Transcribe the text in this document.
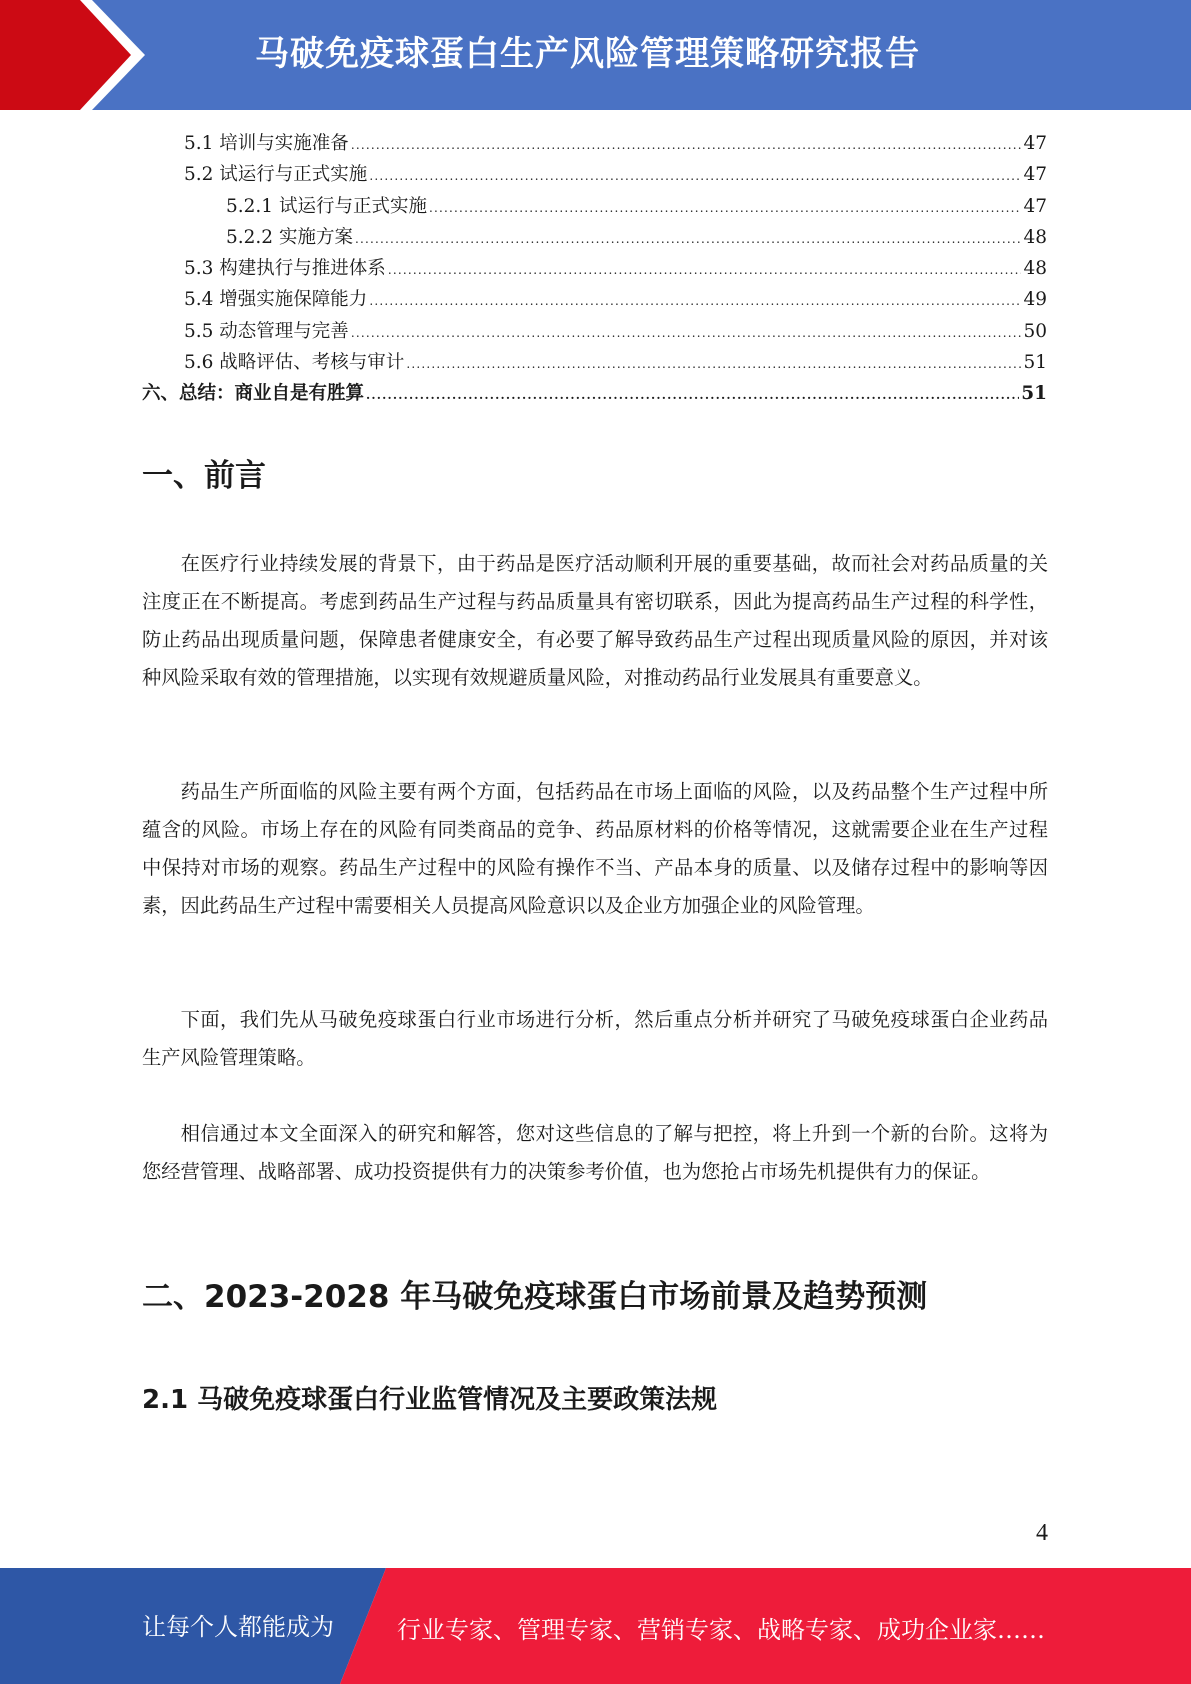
马破免疫球蛋白生产风险管理策略研究报告
5.1 培训与实施准备 .....	47
5.2 试运行与正式实施 .....	47
5.2.1 试运行与正式实施 .....	47
5.2.2 实施方案 .....	48
5.3 构建执行与推进体系 .....	48
5.4 增强实施保障能力 .....	49
5.5 动态管理与完善 .....	50
5.6 战略评估、考核与审计 .....	51
六、总结：商业自是有胜算 .....	51
一、前言

在医疗行业持续发展的背景下，由于药品是医疗活动顺利开展的重要基础，故而社会对药品质量的关注度正在不断提高。考虑到药品生产过程与药品质量具有密切联系，因此为提高药品生产过程的科学性，防止药品出现质量问题，保障患者健康安全，有必要了解导致药品生产过程出现质量风险的原因，并对该种风险采取有效的管理措施，以实现有效规避质量风险，对推动药品行业发展具有重要意义。

药品生产所面临的风险主要有两个方面，包括药品在市场上面临的风险，以及药品整个生产过程中所蕴含的风险。市场上存在的风险有同类商品的竞争、药品原材料的价格等情况，这就需要企业在生产过程中保持对市场的观察。药品生产过程中的风险有操作不当、产品本身的质量、以及储存过程中的影响等因素，因此药品生产过程中需要相关人员提高风险意识以及企业方加强企业的风险管理。

下面，我们先从马破免疫球蛋白行业市场进行分析，然后重点分析并研究了马破免疫球蛋白企业药品生产风险管理策略。

相信通过本文全面深入的研究和解答，您对这些信息的了解与把控，将上升到一个新的台阶。这将为您经营管理、战略部署、成功投资提供有力的决策参考价值，也为您抢占市场先机提供有力的保证。

二、2023-2028 年马破免疫球蛋白市场前景及趋势预测
2.1 马破免疫球蛋白行业监管情况及主要政策法规
4
让每个人都能成为	行业专家、管理专家、营销专家、战略专家、成功企业家……
